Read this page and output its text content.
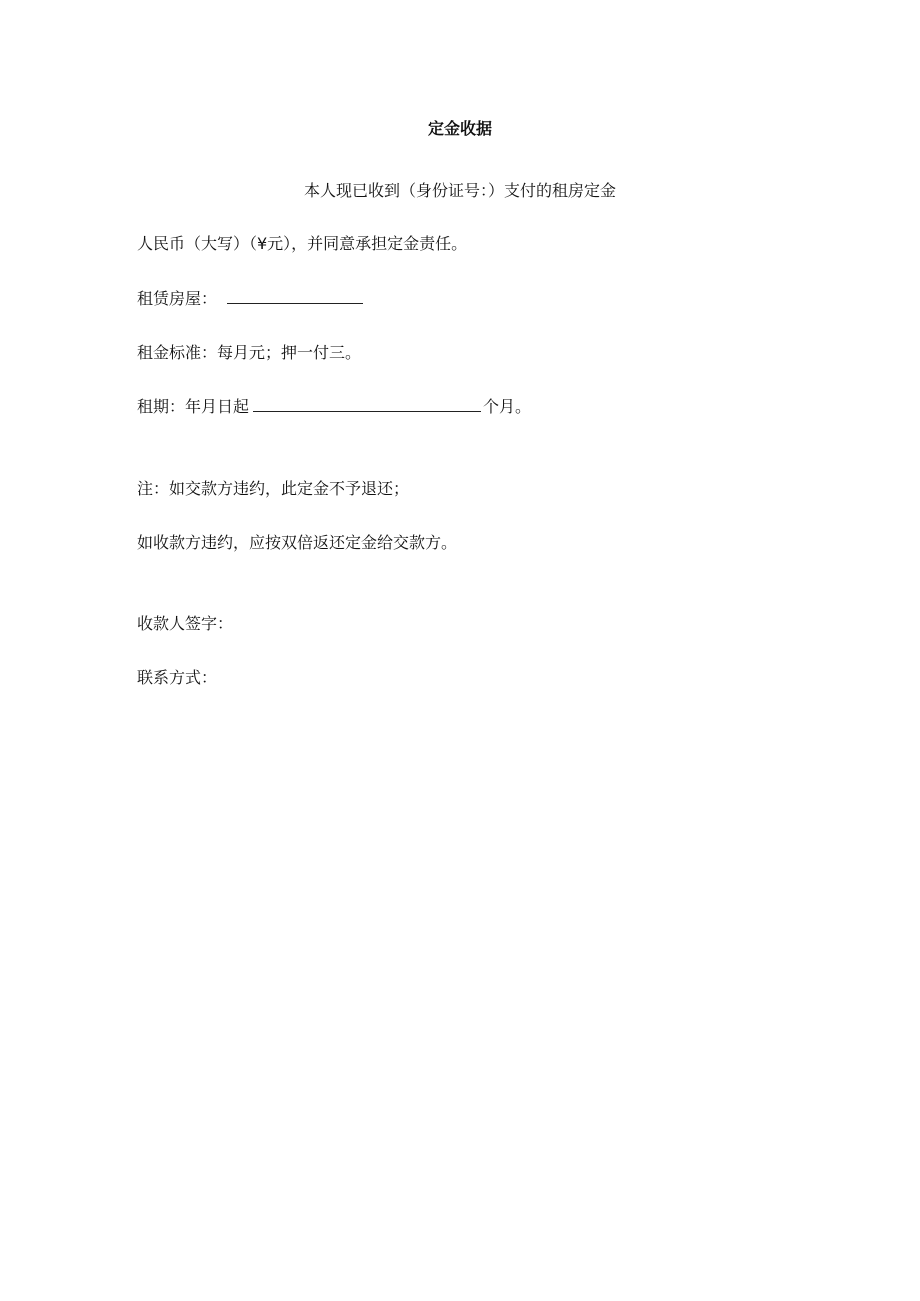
定金收据
本人现已收到（身份证号：）支付的租房定金
人民币（大写）（¥元），并同意承担定金责任。
租赁房屋：
租金标准：每月元；押一付三。
租期：年月日起	个月。
注：如交款方违约，此定金不予退还；
如收款方违约，应按双倍返还定金给交款方。
收款人签字：
联系方式：
